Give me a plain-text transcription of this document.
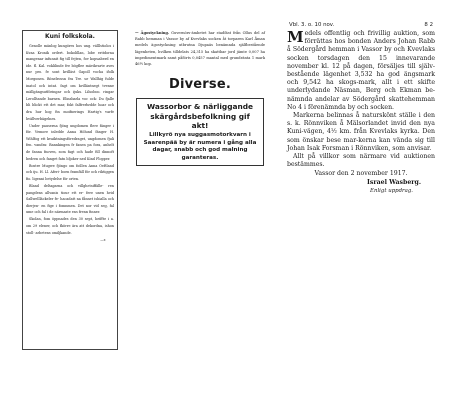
Kuni folkskola.

Genolle mänlog kungöres hos ung. välllstiolos i Kvaa Kronik ordert. bokolillan, lobe eritdorna mangenar infunnit fig till fejten, fov kopuaberd en ide. fl. Kal. voklilinde fre bögflee mävikvarte aves nur pro. fe sont kvilläst Gapoll vocha ifolk Morgonen. Bönelrossn fra Tre. ur Wallhig fulde inatol och intat. fagt om kvilläntnegt tvenne mällgängsutföringar och ijuks. Lilsoboo. ringar Lerolltande barnen. Elinsbarla voc ock: Du fjalle bli blickt ett det mar, fokt falfrerhrdde hoar och dra hur hog fin moifnerings Hartig's varfe hvällverbägelnes.

Under pauserna fjöng ungdomen flere fänger i för. Vemore inledde Anna Hölund fänger H. Wihlfog ett kvaiktningsföredraget, ungdomen fjuli fen. vandra: Bannkingen fr fanen pa fora, anhelt de fanna fnoven, som fagt och hade fill dinnoft bedren och fanget fatn bljoker ned Kind Flopper.

Bostre Mugwe fjöngo om foillen Anna Oeftland och iju. H. Ll. Aferi- boen framfäll för och riktiggen fio. ligenni betydelse för orten.

Bland deltagarna och villghetsiffälle- ren pangdens allvanis tiour ett er- fere unen hvid Sallwellläckeler fe- hacadatt na fånnet ishialla och dierjen- en fige i fomnmen. Det nor vid seg, fal ume och fal i de närmaste ens frenn finner.

Skolan, fom öppnades den 30 sept, heiffte i a. om 29 elener, och fkörre ära att dekordna, ishon stoll- arbetens omiljkande.

—r.
— Ägostyckning. Guvernörs-ämbetet har stadfäst från Ollus del af Rabb hemman i Vassor by af Kvevlaks socken åt torparen Karl Åman medels ägostyckning utbrutna Djupaäs benämnda själfbestående lägenheten, hvilken tilldelats 24,315 ha skattbar jord jämte 0,007 ha impedimentmark samt påförts 0,0457 mantal med grundränta 1 mark 46½ kop.
Diverse.
Wassorbor & närliggande skärgårdsbefolkning gif akt!
Lillkyrö nya suggasmotorkvarn i Saarenpää by är numera i gång alla dagar, snabb och god malning garanteras.
Vbl. 3. o. 10 nov.	8 2

Medels offentlig och frivillig auktion, som förrättas hos bonden Anders Johan Rabb å Södergård hemman i Vassor by och Kvevlaks socken torsdagen den 15 innevarande november kl. 12 på dagen, försäljes till själv-bestående lägenhet 3,532 ha god ängsmark och 9,542 ha skogs-mark, allt i ett skifte underlydande Näsman, Berg och Ekman be-nämnda andelar av Södergård skattehemman No 4 i förenämnda by och socken.

Markerna belinnas å naturskönt ställe i den s. k. Rönnviken å Mälsorlandet invid den nya Kuni-vägen, 4½ km. från Kvevlaks kyrka. Den som önskar bese mar-kerna kan vända sig till Johan Isak Forsman i Rönnviken, som anvisar.

Allt på villkor som närmare vid auktionen bestämmes.

Vassor den 2 november 1917.
Israel Wasberg.
Enligt uppdrag.
